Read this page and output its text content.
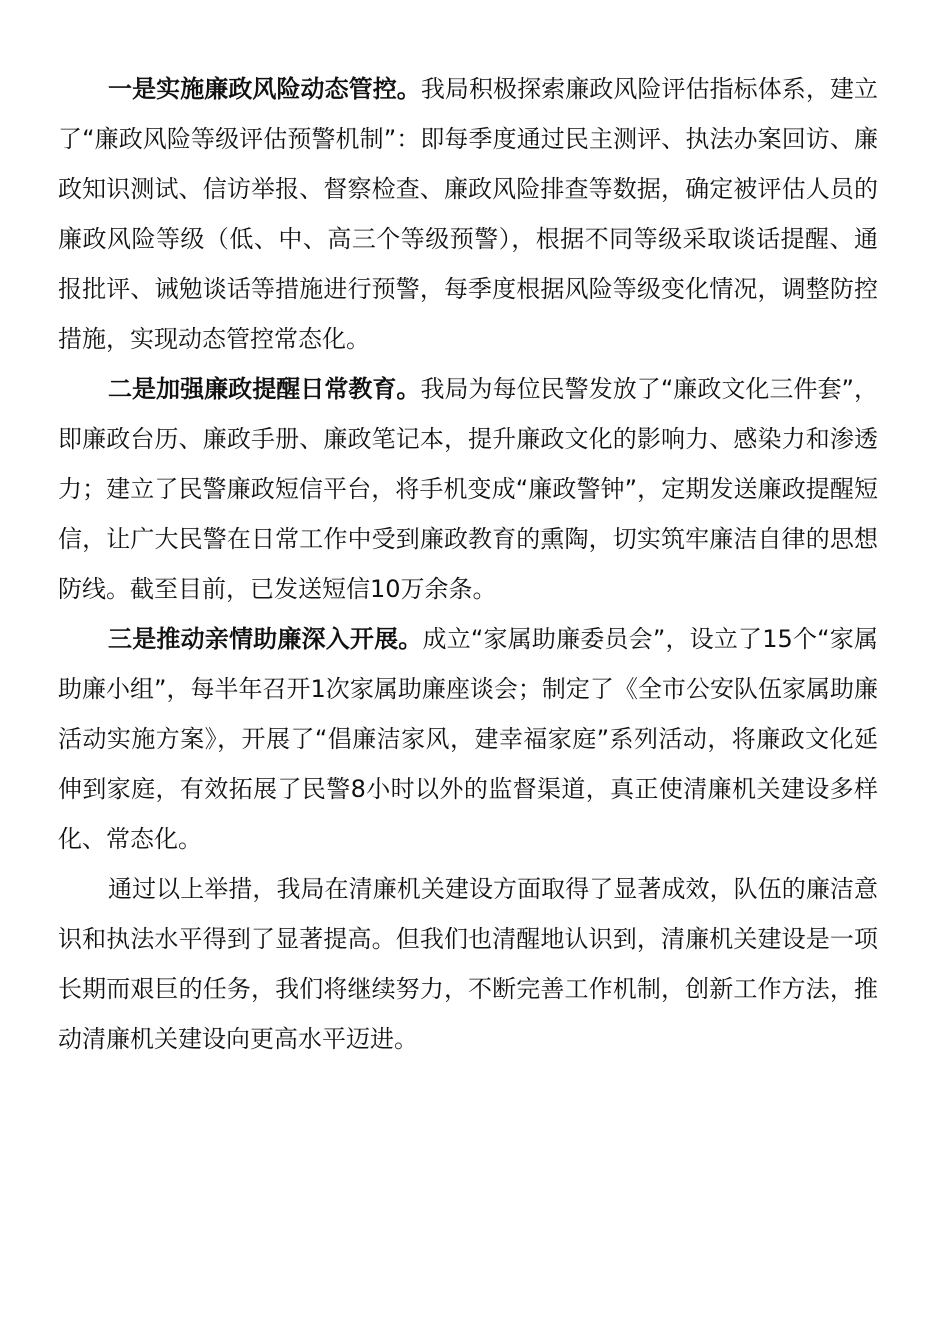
一是实施廉政风险动态管控。我局积极探索廉政风险评估指标体系，建立了“廉政风险等级评估预警机制”：即每季度通过民主测评、执法办案回访、廉政知识测试、信访举报、督察检查、廉政风险排查等数据，确定被评估人员的廉政风险等级（低、中、高三个等级预警），根据不同等级采取谈话提醒、通报批评、诫勉谈话等措施进行预警，每季度根据风险等级变化情况，调整防控措施，实现动态管控常态化。

二是加强廉政提醒日常教育。我局为每位民警发放了“廉政文化三件套”，即廉政台历、廉政手册、廉政笔记本，提升廉政文化的影响力、感染力和渗透力；建立了民警廉政短信平台，将手机变成“廉政警钟”，定期发送廉政提醒短信，让广大民警在日常工作中受到廉政教育的熏陶，切实筑牢廉洁自律的思想防线。截至目前，已发送短信10万余条。

三是推动亲情助廉深入开展。成立“家属助廉委员会”，设立了15个“家属助廉小组”，每半年召开1次家属助廉座谈会；制定了《全市公安队伍家属助廉活动实施方案》，开展了“倡廉洁家风，建幸福家庭”系列活动，将廉政文化延伸到家庭，有效拓展了民警8小时以外的监督渠道，真正使清廉机关建设多样化、常态化。

通过以上举措，我局在清廉机关建设方面取得了显著成效，队伍的廉洁意识和执法水平得到了显著提高。但我们也清醒地认识到，清廉机关建设是一项长期而艰巨的任务，我们将继续努力，不断完善工作机制，创新工作方法，推动清廉机关建设向更高水平迈进。
